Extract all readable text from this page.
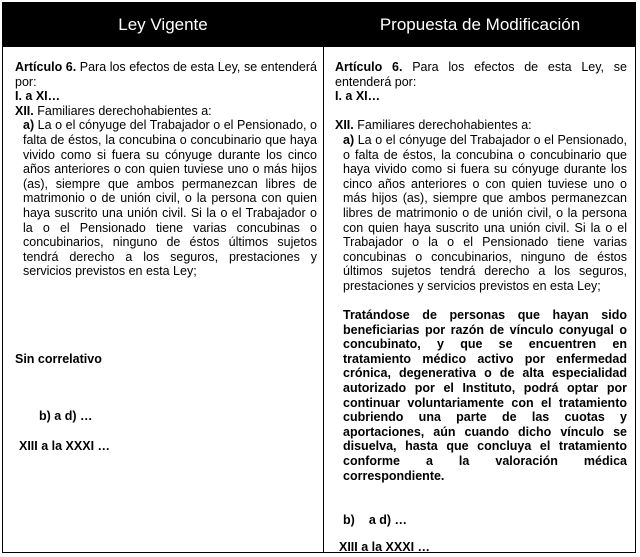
Ley Vigente	Propuesta de Modificación

Artículo 6. Para los efectos de esta Ley, se entenderá por:

I. a XI…

XII. Familiares derechohabientes a:

a) La o el cónyuge del Trabajador o el Pensionado, o falta de éstos, la concubina o concubinario que haya vivido como si fuera su cónyuge durante los cinco años anteriores o con quien tuviese uno o más hijos (as), siempre que ambos permanezcan libres de matrimonio o de unión civil, o la persona con quien haya suscrito una unión civil. Si la o el Trabajador o la o el Pensionado tiene varias concubinas o concubinarios, ninguno de éstos últimos sujetos tendrá derecho a los seguros, prestaciones y servicios previstos en esta Ley;

Sin correlativo
b) a d) …
XIII a la XXXI …

Artículo 6. Para los efectos de esta Ley, se entenderá por:

I. a XI…

XII. Familiares derechohabientes a:

a) La o el cónyuge del Trabajador o el Pensionado, o falta de éstos, la concubina o concubinario que haya vivido como si fuera su cónyuge durante los cinco años anteriores o con quien tuviese uno o más hijos (as), siempre que ambos permanezcan libres de matrimonio o de unión civil, o la persona con quien haya suscrito una unión civil. Si la o el Trabajador o la o el Pensionado tiene varias concubinas o concubinarios, ninguno de éstos últimos sujetos tendrá derecho a los seguros, prestaciones y servicios previstos en esta Ley;

Tratándose de personas que hayan sido beneficiarias por razón de vínculo conyugal o concubinato, y que se encuentren en tratamiento médico activo por enfermedad crónica, degenerativa o de alta especialidad autorizado por el Instituto, podrá optar por continuar voluntariamente con el tratamiento cubriendo una parte de las cuotas y aportaciones, aún cuando dicho vínculo se disuelva, hasta que concluya el tratamiento conforme a la valoración médica correspondiente.

b) a d) …
XIII a la XXXI …
